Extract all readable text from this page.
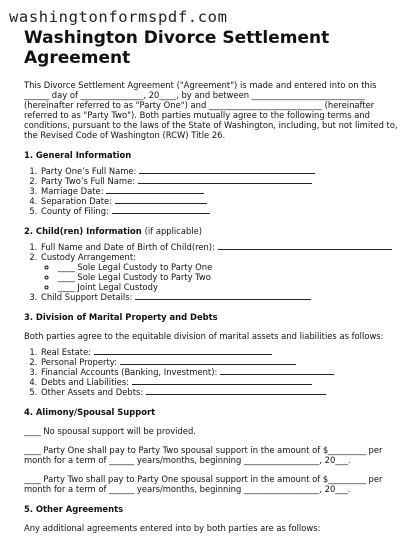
washingtonformspdf.com
Washington Divorce Settlement Agreement

This Divorce Settlement Agreement ("Agreement") is made and entered into on this ______ day of _______________, 20____, by and between ___________________________ (hereinafter referred to as "Party One") and ___________________________ (hereinafter referred to as "Party Two"). Both parties mutually agree to the following terms and conditions, pursuant to the laws of the State of Washington, including, but not limited to, the Revised Code of Washington (RCW) Title 26.

1. General Information
1. Party One’s Full Name:
2. Party Two’s Full Name:
3. Marriage Date:
4. Separation Date:
5. County of Filing:
2. Child(ren) Information (if applicable)
1. Full Name and Date of Birth of Child(ren):
2. Custody Arrangement:
◦ ____ Sole Legal Custody to Party One
◦ ____ Sole Legal Custody to Party Two
◦ ____ Joint Legal Custody
3. Child Support Details:
3. Division of Marital Property and Debts

Both parties agree to the equitable division of marital assets and liabilities as follows:

1. Real Estate:
2. Personal Property:
3. Financial Accounts (Banking, Investment):
4. Debts and Liabilities:
5. Other Assets and Debts:
4. Alimony/Spousal Support

____ No spousal support will be provided.

____ Party One shall pay to Party Two spousal support in the amount of $_________ per month for a term of ______ years/months, beginning __________________, 20___.

____ Party Two shall pay to Party One spousal support in the amount of $_________ per month for a term of ______ years/months, beginning __________________, 20___.

5. Other Agreements

Any additional agreements entered into by both parties are as follows:
